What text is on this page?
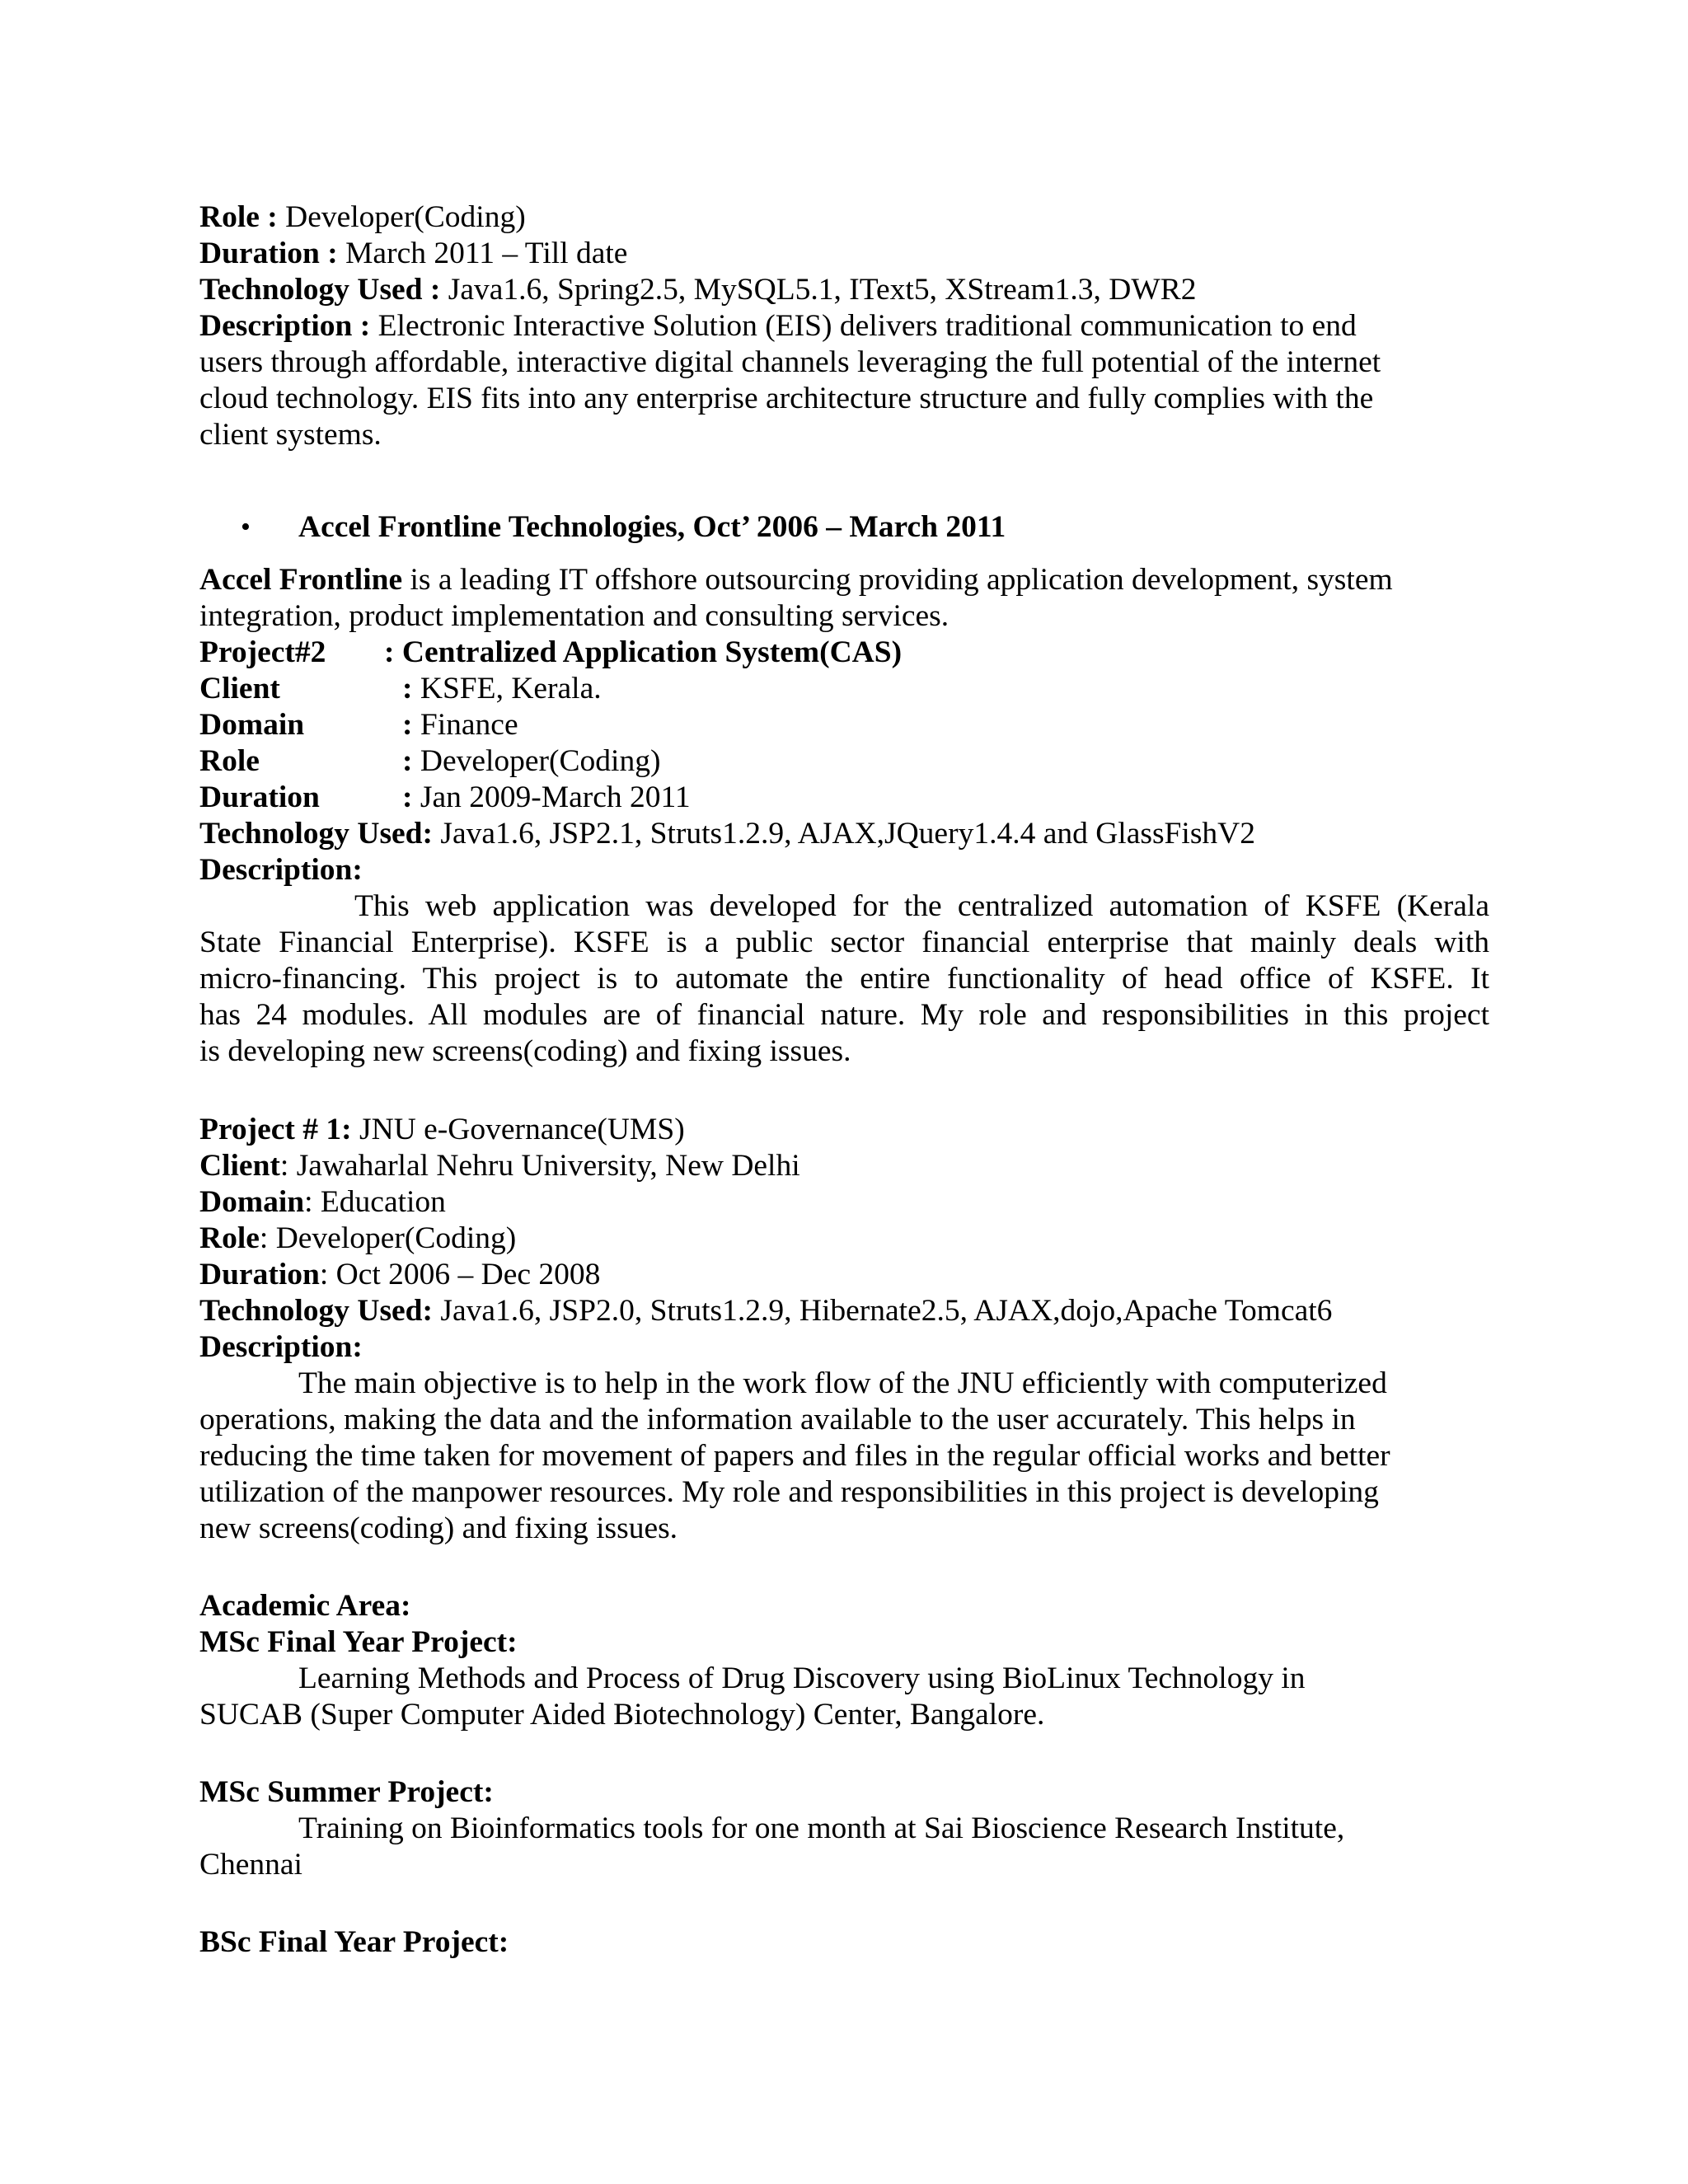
Role : Developer(Coding)
Duration : March 2011 – Till date
Technology Used : Java1.6, Spring2.5, MySQL5.1, IText5, XStream1.3, DWR2
Description : Electronic Interactive Solution (EIS) delivers traditional communication to end
users through affordable, interactive digital channels leveraging the full potential of the internet
cloud technology. EIS fits into any enterprise architecture structure and fully complies with the
client systems.
• Accel Frontline Technologies, Oct’ 2006 – March 2011
Accel Frontline is a leading IT offshore outsourcing providing application development, system
integration, product implementation and consulting services.
Project#2 : Centralized Application System(CAS)
Client	: KSFE, Kerala.
Domain	: Finance
Role	: Developer(Coding)
Duration	: Jan 2009-March 2011
Technology Used: Java1.6, JSP2.1, Struts1.2.9, AJAX,JQuery1.4.4 and GlassFishV2
Description:
This web application was developed for the centralized automation of KSFE (Kerala
State Financial Enterprise). KSFE is a public sector financial enterprise that mainly deals with
micro-financing. This project is to automate the entire functionality of head office of KSFE. It
has 24 modules. All modules are of financial nature. My role and responsibilities in this project
is developing new screens(coding) and fixing issues.
Project # 1: JNU e-Governance(UMS)
Client: Jawaharlal Nehru University, New Delhi
Domain: Education
Role: Developer(Coding)
Duration: Oct 2006 – Dec 2008
Technology Used: Java1.6, JSP2.0, Struts1.2.9, Hibernate2.5, AJAX,dojo,Apache Tomcat6
Description:
The main objective is to help in the work flow of the JNU efficiently with computerized
operations, making the data and the information available to the user accurately. This helps in
reducing the time taken for movement of papers and files in the regular official works and better
utilization of the manpower resources. My role and responsibilities in this project is developing
new screens(coding) and fixing issues.
Academic Area:
MSc Final Year Project:
Learning Methods and Process of Drug Discovery using BioLinux Technology in
SUCAB (Super Computer Aided Biotechnology) Center, Bangalore.
MSc Summer Project:
Training on Bioinformatics tools for one month at Sai Bioscience Research Institute,
Chennai
BSc Final Year Project:
